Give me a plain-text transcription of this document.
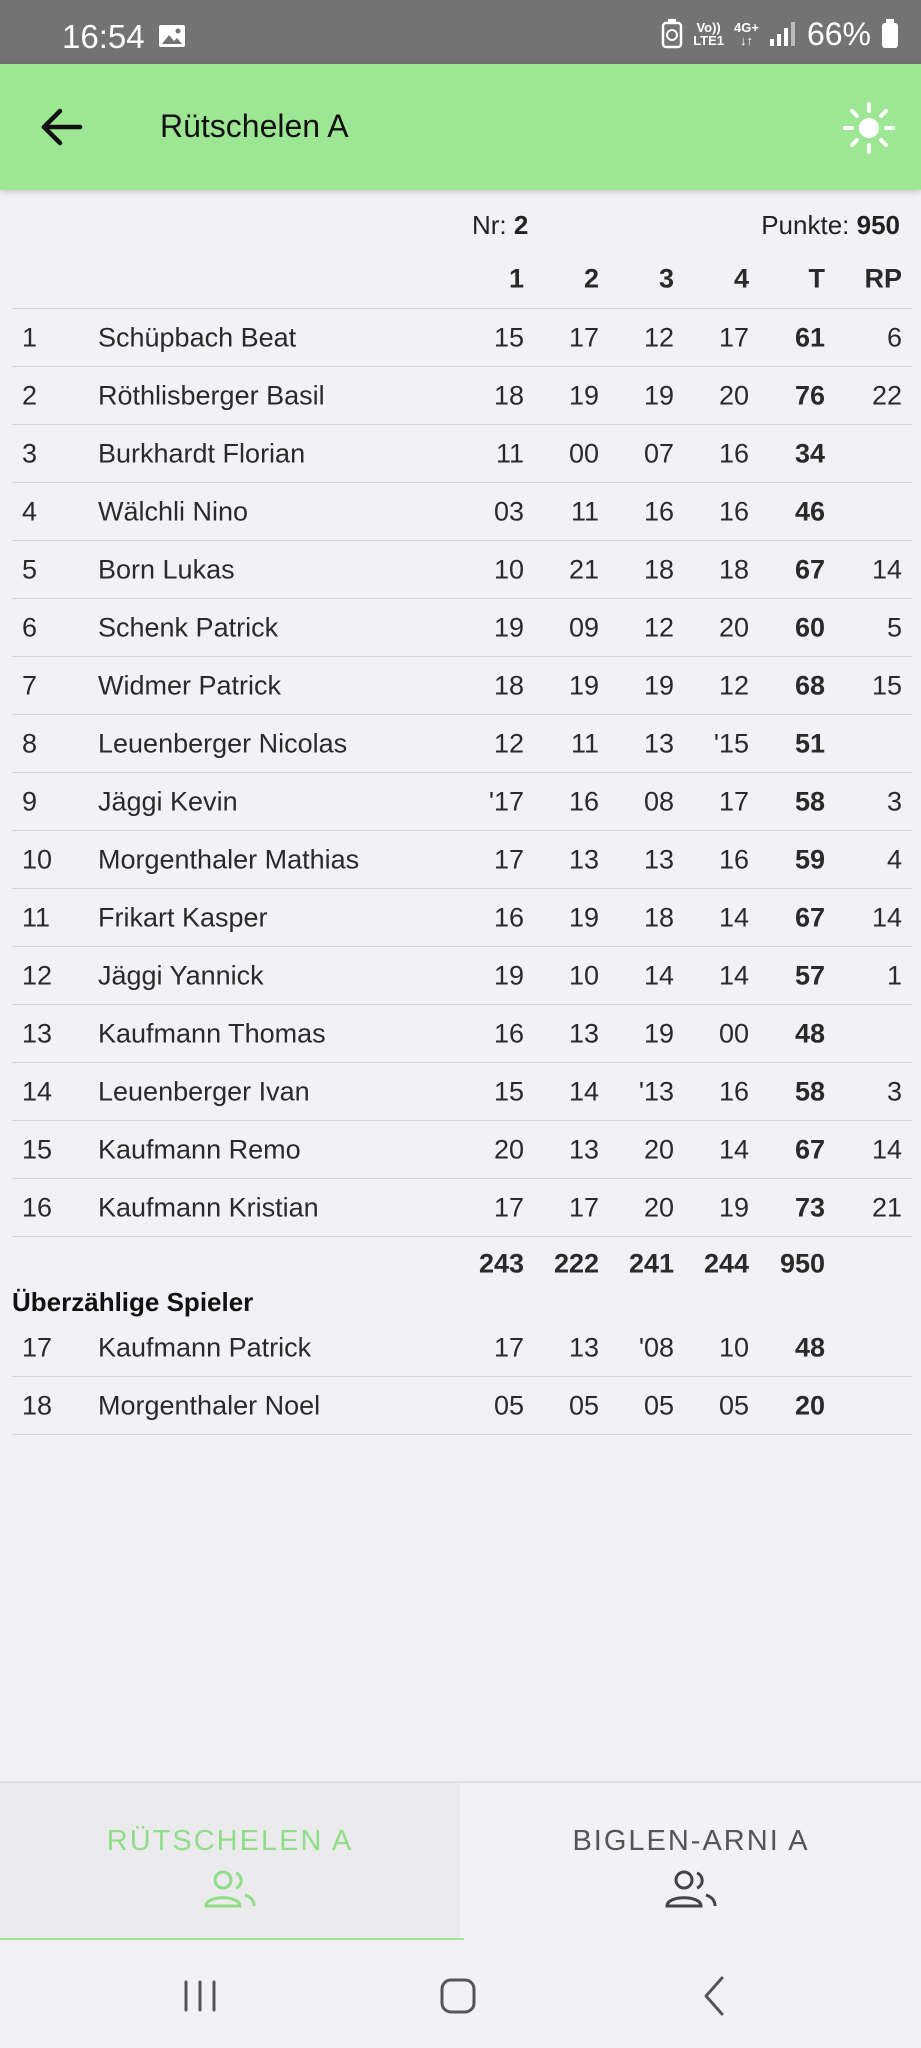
16:54	Vo))
LTE1
4G+
↓↑ 66%
Rütschelen A
Nr: 2	Punkte: 950
1 2 3 4 T RP
1 Schüpbach Beat	15 17 12 17 61 6
2 Röthlisberger Basil	18 19 19 20 76 22
3 Burkhardt Florian	11 00 07 16 34
4 Wälchli Nino	03 11 16 16 46
5 Born Lukas	10 21 18 18 67 14
6 Schenk Patrick	19 09 12 20 60 5
7 Widmer Patrick	18 19 19 12 68 15
8 Leuenberger Nicolas	12 11 13 '15 51
9 Jäggi Kevin	'17 16 08 17 58 3
10 Morgenthaler Mathias	17 13 13 16 59 4
11 Frikart Kasper	16 19 18 14 67 14
12 Jäggi Yannick	19 10 14 14 57 1
13 Kaufmann Thomas	16 13 19 00 48
14 Leuenberger Ivan	15 14 '13 16 58 3
15 Kaufmann Remo	20 13 20 14 67 14
16 Kaufmann Kristian	17 17 20 19 73 21
243 222 241 244 950
Überzählige Spieler
17 Kaufmann Patrick	17 13 '08 10 48
18 Morgenthaler Noel	05 05 05 05 20
RÜTSCHELEN A	BIGLEN-ARNI A
